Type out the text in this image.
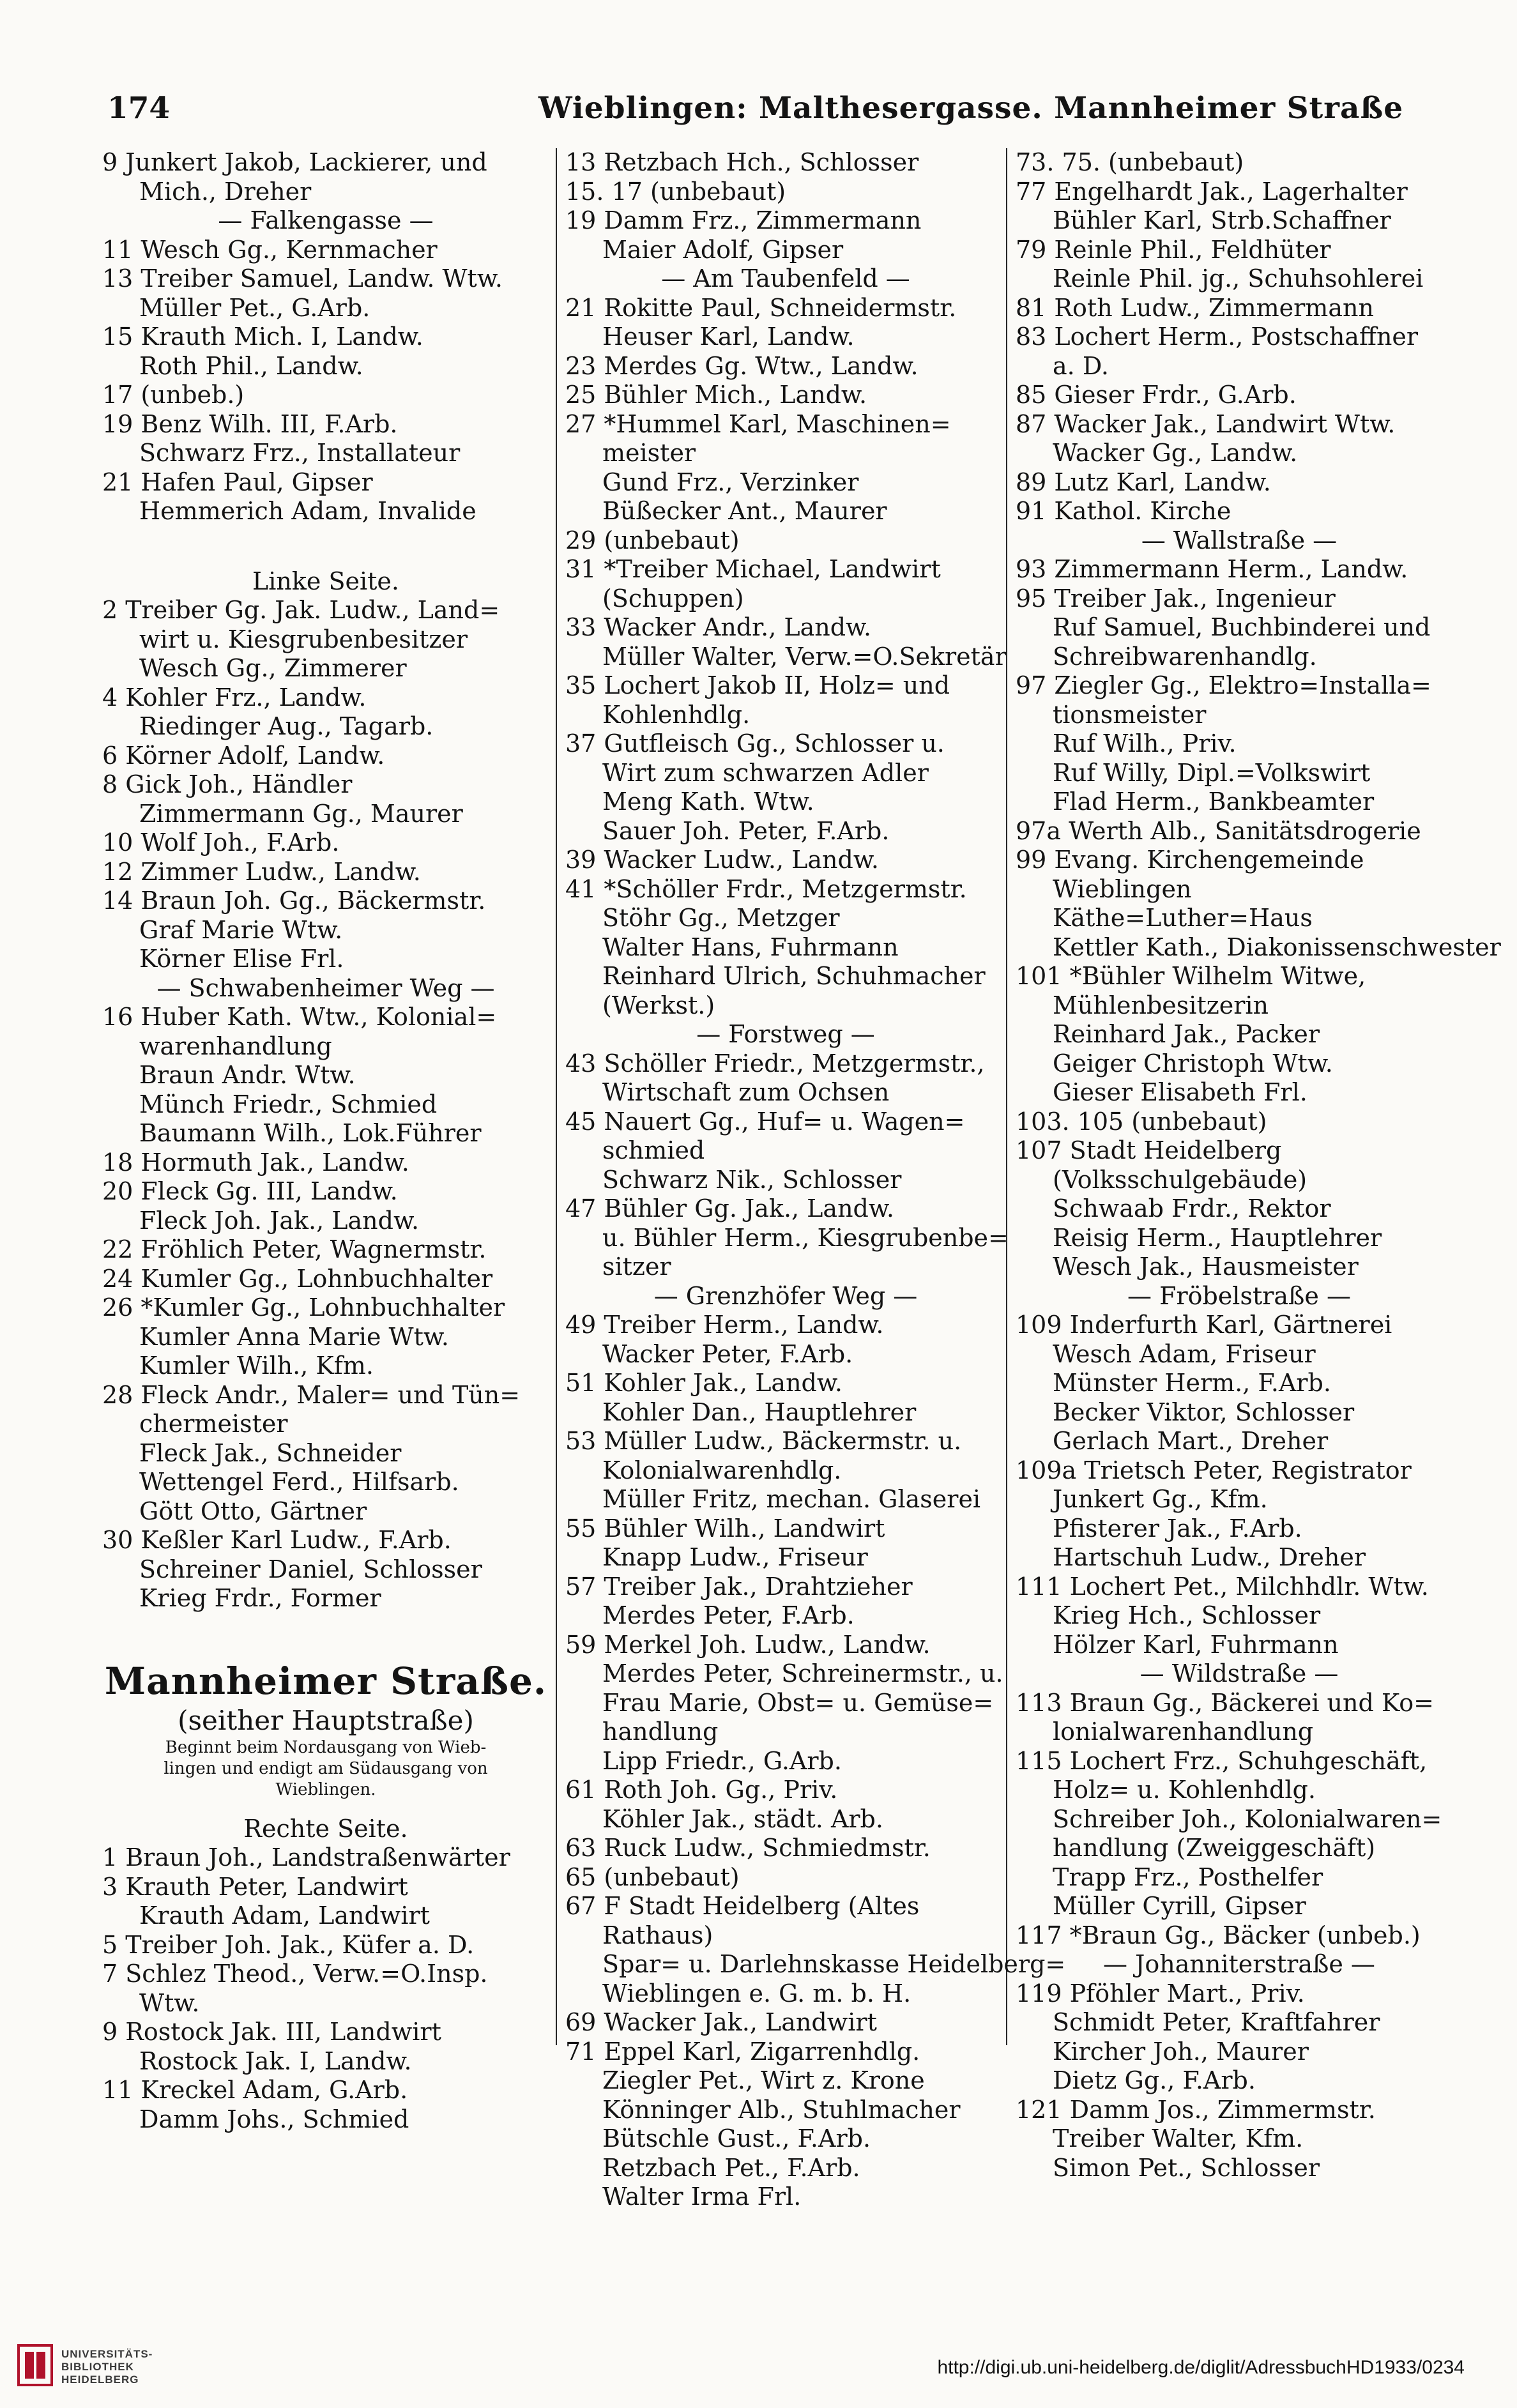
174	Wieblingen: Malthesergasse. Mannheimer Straße
9 Junkert Jakob, Lackierer, und
Mich., Dreher
— Falkengasse —
11 Wesch Gg., Kernmacher
13 Treiber Samuel, Landw. Wtw.
Müller Pet., G.Arb.
15 Krauth Mich. I, Landw.
Roth Phil., Landw.
17 (unbeb.)
19 Benz Wilh. III, F.Arb.
Schwarz Frz., Installateur
21 Hafen Paul, Gipser
Hemmerich Adam, Invalide
Linke Seite.
2 Treiber Gg. Jak. Ludw., Land=
wirt u. Kiesgrubenbesitzer
Wesch Gg., Zimmerer
4 Kohler Frz., Landw.
Riedinger Aug., Tagarb.
6 Körner Adolf, Landw.
8 Gick Joh., Händler
Zimmermann Gg., Maurer
10 Wolf Joh., F.Arb.
12 Zimmer Ludw., Landw.
14 Braun Joh. Gg., Bäckermstr.
Graf Marie Wtw.
Körner Elise Frl.
— Schwabenheimer Weg —
16 Huber Kath. Wtw., Kolonial=
warenhandlung
Braun Andr. Wtw.
Münch Friedr., Schmied
Baumann Wilh., Lok.Führer
18 Hormuth Jak., Landw.
20 Fleck Gg. III, Landw.
Fleck Joh. Jak., Landw.
22 Fröhlich Peter, Wagnermstr.
24 Kumler Gg., Lohnbuchhalter
26 *Kumler Gg., Lohnbuchhalter
Kumler Anna Marie Wtw.
Kumler Wilh., Kfm.
28 Fleck Andr., Maler= und Tün=
chermeister
Fleck Jak., Schneider
Wettengel Ferd., Hilfsarb.
Gött Otto, Gärtner
30 Keßler Karl Ludw., F.Arb.
Schreiner Daniel, Schlosser
Krieg Frdr., Former
Mannheimer Straße.
(seither Hauptstraße)
Beginnt beim Nordausgang von Wieb-
lingen und endigt am Südausgang von
Wieblingen.
Rechte Seite.
1 Braun Joh., Landstraßenwärter
3 Krauth Peter, Landwirt
Krauth Adam, Landwirt
5 Treiber Joh. Jak., Küfer a. D.
7 Schlez Theod., Verw.=O.Insp.
Wtw.
9 Rostock Jak. III, Landwirt
Rostock Jak. I, Landw.
11 Kreckel Adam, G.Arb.
Damm Johs., Schmied
13 Retzbach Hch., Schlosser
15. 17 (unbebaut)
19 Damm Frz., Zimmermann
Maier Adolf, Gipser
— Am Taubenfeld —
21 Rokitte Paul, Schneidermstr.
Heuser Karl, Landw.
23 Merdes Gg. Wtw., Landw.
25 Bühler Mich., Landw.
27 *Hummel Karl, Maschinen=
meister
Gund Frz., Verzinker
Büßecker Ant., Maurer
29 (unbebaut)
31 *Treiber Michael, Landwirt
(Schuppen)
33 Wacker Andr., Landw.
Müller Walter, Verw.=O.Sekretär
35 Lochert Jakob II, Holz= und
Kohlenhdlg.
37 Gutfleisch Gg., Schlosser u.
Wirt zum schwarzen Adler
Meng Kath. Wtw.
Sauer Joh. Peter, F.Arb.
39 Wacker Ludw., Landw.
41 *Schöller Frdr., Metzgermstr.
Stöhr Gg., Metzger
Walter Hans, Fuhrmann
Reinhard Ulrich, Schuhmacher
(Werkst.)
— Forstweg —
43 Schöller Friedr., Metzgermstr.,
Wirtschaft zum Ochsen
45 Nauert Gg., Huf= u. Wagen=
schmied
Schwarz Nik., Schlosser
47 Bühler Gg. Jak., Landw.
u. Bühler Herm., Kiesgrubenbe=
sitzer
— Grenzhöfer Weg —
49 Treiber Herm., Landw.
Wacker Peter, F.Arb.
51 Kohler Jak., Landw.
Kohler Dan., Hauptlehrer
53 Müller Ludw., Bäckermstr. u.
Kolonialwarenhdlg.
Müller Fritz, mechan. Glaserei
55 Bühler Wilh., Landwirt
Knapp Ludw., Friseur
57 Treiber Jak., Drahtzieher
Merdes Peter, F.Arb.
59 Merkel Joh. Ludw., Landw.
Merdes Peter, Schreinermstr., u.
Frau Marie, Obst= u. Gemüse=
handlung
Lipp Friedr., G.Arb.
61 Roth Joh. Gg., Priv.
Köhler Jak., städt. Arb.
63 Ruck Ludw., Schmiedmstr.
65 (unbebaut)
67 F Stadt Heidelberg (Altes
Rathaus)
Spar= u. Darlehnskasse Heidelberg=
Wieblingen e. G. m. b. H.
69 Wacker Jak., Landwirt
71 Eppel Karl, Zigarrenhdlg.
Ziegler Pet., Wirt z. Krone
Könninger Alb., Stuhlmacher
Bütschle Gust., F.Arb.
Retzbach Pet., F.Arb.
Walter Irma Frl.
73. 75. (unbebaut)
77 Engelhardt Jak., Lagerhalter
Bühler Karl, Strb.Schaffner
79 Reinle Phil., Feldhüter
Reinle Phil. jg., Schuhsohlerei
81 Roth Ludw., Zimmermann
83 Lochert Herm., Postschaffner
a. D.
85 Gieser Frdr., G.Arb.
87 Wacker Jak., Landwirt Wtw.
Wacker Gg., Landw.
89 Lutz Karl, Landw.
91 Kathol. Kirche
— Wallstraße —
93 Zimmermann Herm., Landw.
95 Treiber Jak., Ingenieur
Ruf Samuel, Buchbinderei und
Schreibwarenhandlg.
97 Ziegler Gg., Elektro=Installa=
tionsmeister
Ruf Wilh., Priv.
Ruf Willy, Dipl.=Volkswirt
Flad Herm., Bankbeamter
97a Werth Alb., Sanitätsdrogerie
99 Evang. Kirchengemeinde
Wieblingen
Käthe=Luther=Haus
Kettler Kath., Diakonissenschwester
101 *Bühler Wilhelm Witwe,
Mühlenbesitzerin
Reinhard Jak., Packer
Geiger Christoph Wtw.
Gieser Elisabeth Frl.
103. 105 (unbebaut)
107 Stadt Heidelberg
(Volksschulgebäude)
Schwaab Frdr., Rektor
Reisig Herm., Hauptlehrer
Wesch Jak., Hausmeister
— Fröbelstraße —
109 Inderfurth Karl, Gärtnerei
Wesch Adam, Friseur
Münster Herm., F.Arb.
Becker Viktor, Schlosser
Gerlach Mart., Dreher
109a Trietsch Peter, Registrator
Junkert Gg., Kfm.
Pfisterer Jak., F.Arb.
Hartschuh Ludw., Dreher
111 Lochert Pet., Milchhdlr. Wtw.
Krieg Hch., Schlosser
Hölzer Karl, Fuhrmann
— Wildstraße —
113 Braun Gg., Bäckerei und Ko=
lonialwarenhandlung
115 Lochert Frz., Schuhgeschäft,
Holz= u. Kohlenhdlg.
Schreiber Joh., Kolonialwaren=
handlung (Zweiggeschäft)
Trapp Frz., Posthelfer
Müller Cyrill, Gipser
117 *Braun Gg., Bäcker (unbeb.)
— Johanniterstraße —
119 Pföhler Mart., Priv.
Schmidt Peter, Kraftfahrer
Kircher Joh., Maurer
Dietz Gg., F.Arb.
121 Damm Jos., Zimmermstr.
Treiber Walter, Kfm.
Simon Pet., Schlosser
UNIVERSITÄTS-
BIBLIOTHEK
HEIDELBERG
http://digi.ub.uni-heidelberg.de/diglit/AdressbuchHD1933/0234
